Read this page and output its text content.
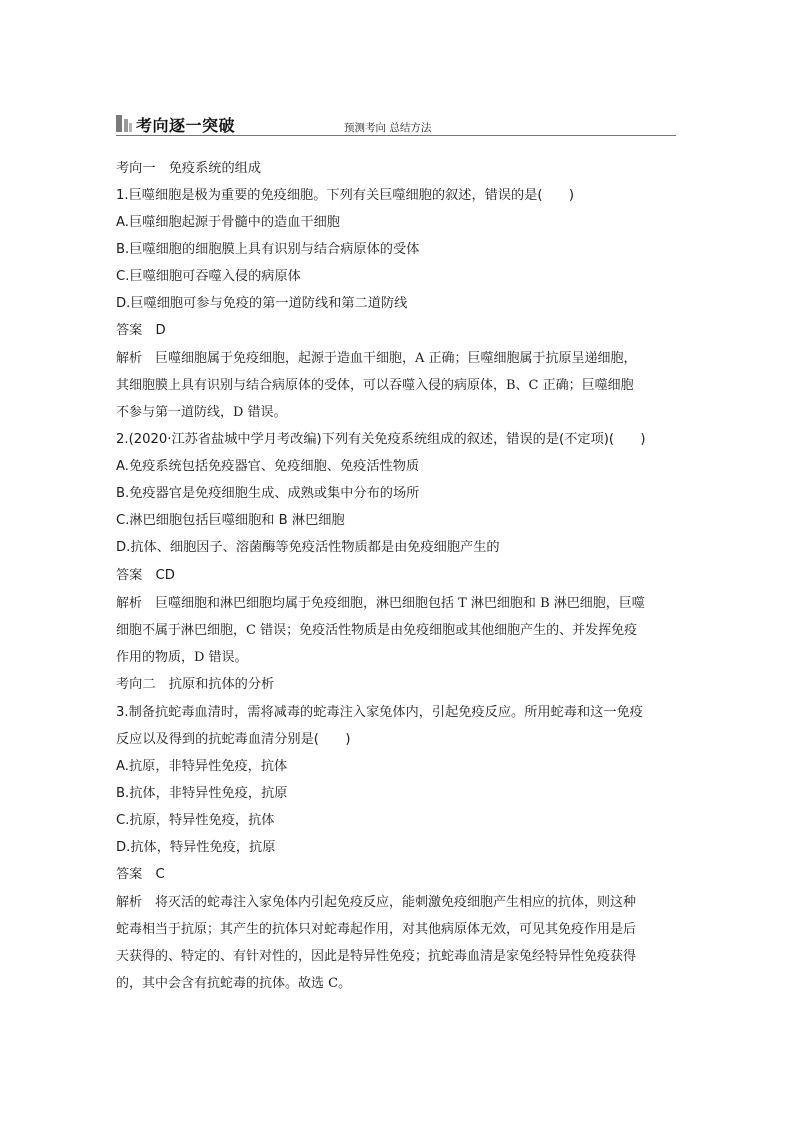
考向逐一突破	预测考向 总结方法
考向一　免疫系统的组成
1.巨噬细胞是极为重要的免疫细胞。下列有关巨噬细胞的叙述，错误的是(　　)
A.巨噬细胞起源于骨髓中的造血干细胞
B.巨噬细胞的细胞膜上具有识别与结合病原体的受体
C.巨噬细胞可吞噬入侵的病原体
D.巨噬细胞可参与免疫的第一道防线和第二道防线
答案　D
解析　巨噬细胞属于免疫细胞，起源于造血干细胞，A 正确；巨噬细胞属于抗原呈递细胞，
其细胞膜上具有识别与结合病原体的受体，可以吞噬入侵的病原体，B、C 正确；巨噬细胞
不参与第一道防线，D 错误。
2.(2020·江苏省盐城中学月考改编)下列有关免疫系统组成的叙述，错误的是(不定项)(　　)
A.免疫系统包括免疫器官、免疫细胞、免疫活性物质
B.免疫器官是免疫细胞生成、成熟或集中分布的场所
C.淋巴细胞包括巨噬细胞和 B 淋巴细胞
D.抗体、细胞因子、溶菌酶等免疫活性物质都是由免疫细胞产生的
答案　CD
解析　巨噬细胞和淋巴细胞均属于免疫细胞，淋巴细胞包括 T 淋巴细胞和 B 淋巴细胞，巨噬
细胞不属于淋巴细胞，C 错误；免疫活性物质是由免疫细胞或其他细胞产生的、并发挥免疫
作用的物质，D 错误。
考向二　抗原和抗体的分析
3.制备抗蛇毒血清时，需将减毒的蛇毒注入家兔体内，引起免疫反应。所用蛇毒和这一免疫
反应以及得到的抗蛇毒血清分别是(　　)
A.抗原，非特异性免疫，抗体
B.抗体，非特异性免疫，抗原
C.抗原，特异性免疫，抗体
D.抗体，特异性免疫，抗原
答案　C
解析　将灭活的蛇毒注入家兔体内引起免疫反应，能刺激免疫细胞产生相应的抗体，则这种
蛇毒相当于抗原；其产生的抗体只对蛇毒起作用，对其他病原体无效，可见其免疫作用是后
天获得的、特定的、有针对性的，因此是特异性免疫；抗蛇毒血清是家兔经特异性免疫获得
的，其中会含有抗蛇毒的抗体。故选 C。
